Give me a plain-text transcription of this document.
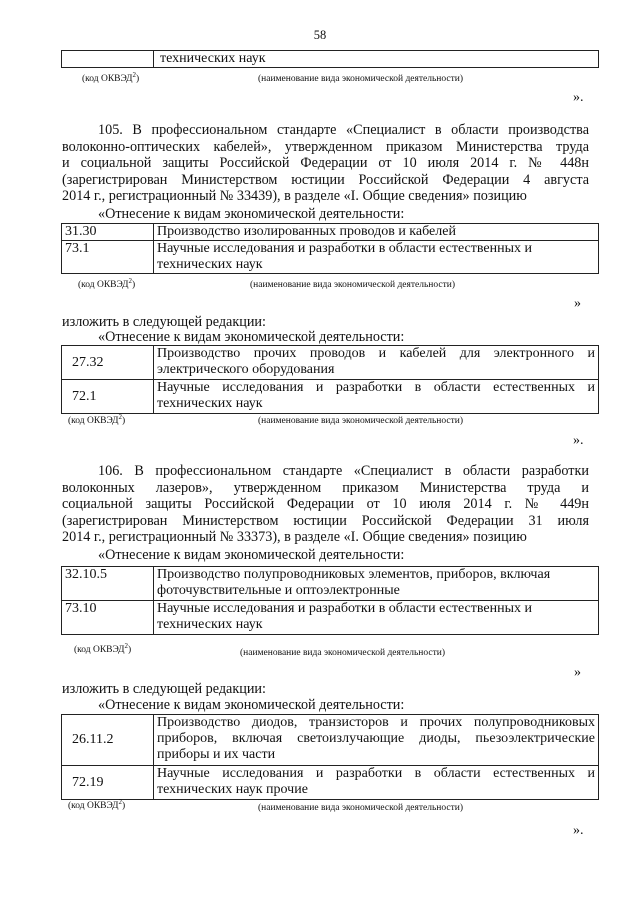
58
	технических наук
(код ОКВЭД$^2$)	(наименование вида экономической деятельности)
».
105. В профессиональном стандарте «Специалист в области производства
волоконно-оптических кабелей», утвержденном приказом Министерства труда
и социальной защиты Российской Федерации от 10 июля 2014 г. № 448н
(зарегистрирован Министерством юстиции Российской Федерации 4 августа
2014 г., регистрационный № 33439), в разделе «I. Общие сведения» позицию
«Отнесение к видам экономической деятельности:
31.30	Производство изолированных проводов и кабелей
73.1	Научные исследования и разработки в области естественных и технических наук
(код ОКВЭД$^2$)	(наименование вида экономической деятельности)
»
изложить в следующей редакции:
«Отнесение к видам экономической деятельности:
27.32	Производство прочих проводов и кабелей для электронного и электрического оборудования
72.1	Научные исследования и разработки в области естественных и технических наук
(код ОКВЭД$^2$)	(наименование вида экономической деятельности)
».
106. В профессиональном стандарте «Специалист в области разработки
волоконных лазеров», утвержденном приказом Министерства труда и
социальной защиты Российской Федерации от 10 июля 2014 г. № 449н
(зарегистрирован Министерством юстиции Российской Федерации 31 июля
2014 г., регистрационный № 33373), в разделе «I. Общие сведения» позицию
«Отнесение к видам экономической деятельности:
32.10.5	Производство полупроводниковых элементов, приборов, включая фоточувствительные и оптоэлектронные
73.10	Научные исследования и разработки в области естественных и технических наук
(код ОКВЭД$^2$)	(наименование вида экономической деятельности)
»
изложить в следующей редакции:
«Отнесение к видам экономической деятельности:
26.11.2	Производство диодов, транзисторов и прочих полупроводниковых приборов, включая светоизлучающие диоды, пьезоэлектрические приборы и их части
72.19	Научные исследования и разработки в области естественных и технических наук прочие
(код ОКВЭД$^2$)	(наименование вида экономической деятельности)
».
